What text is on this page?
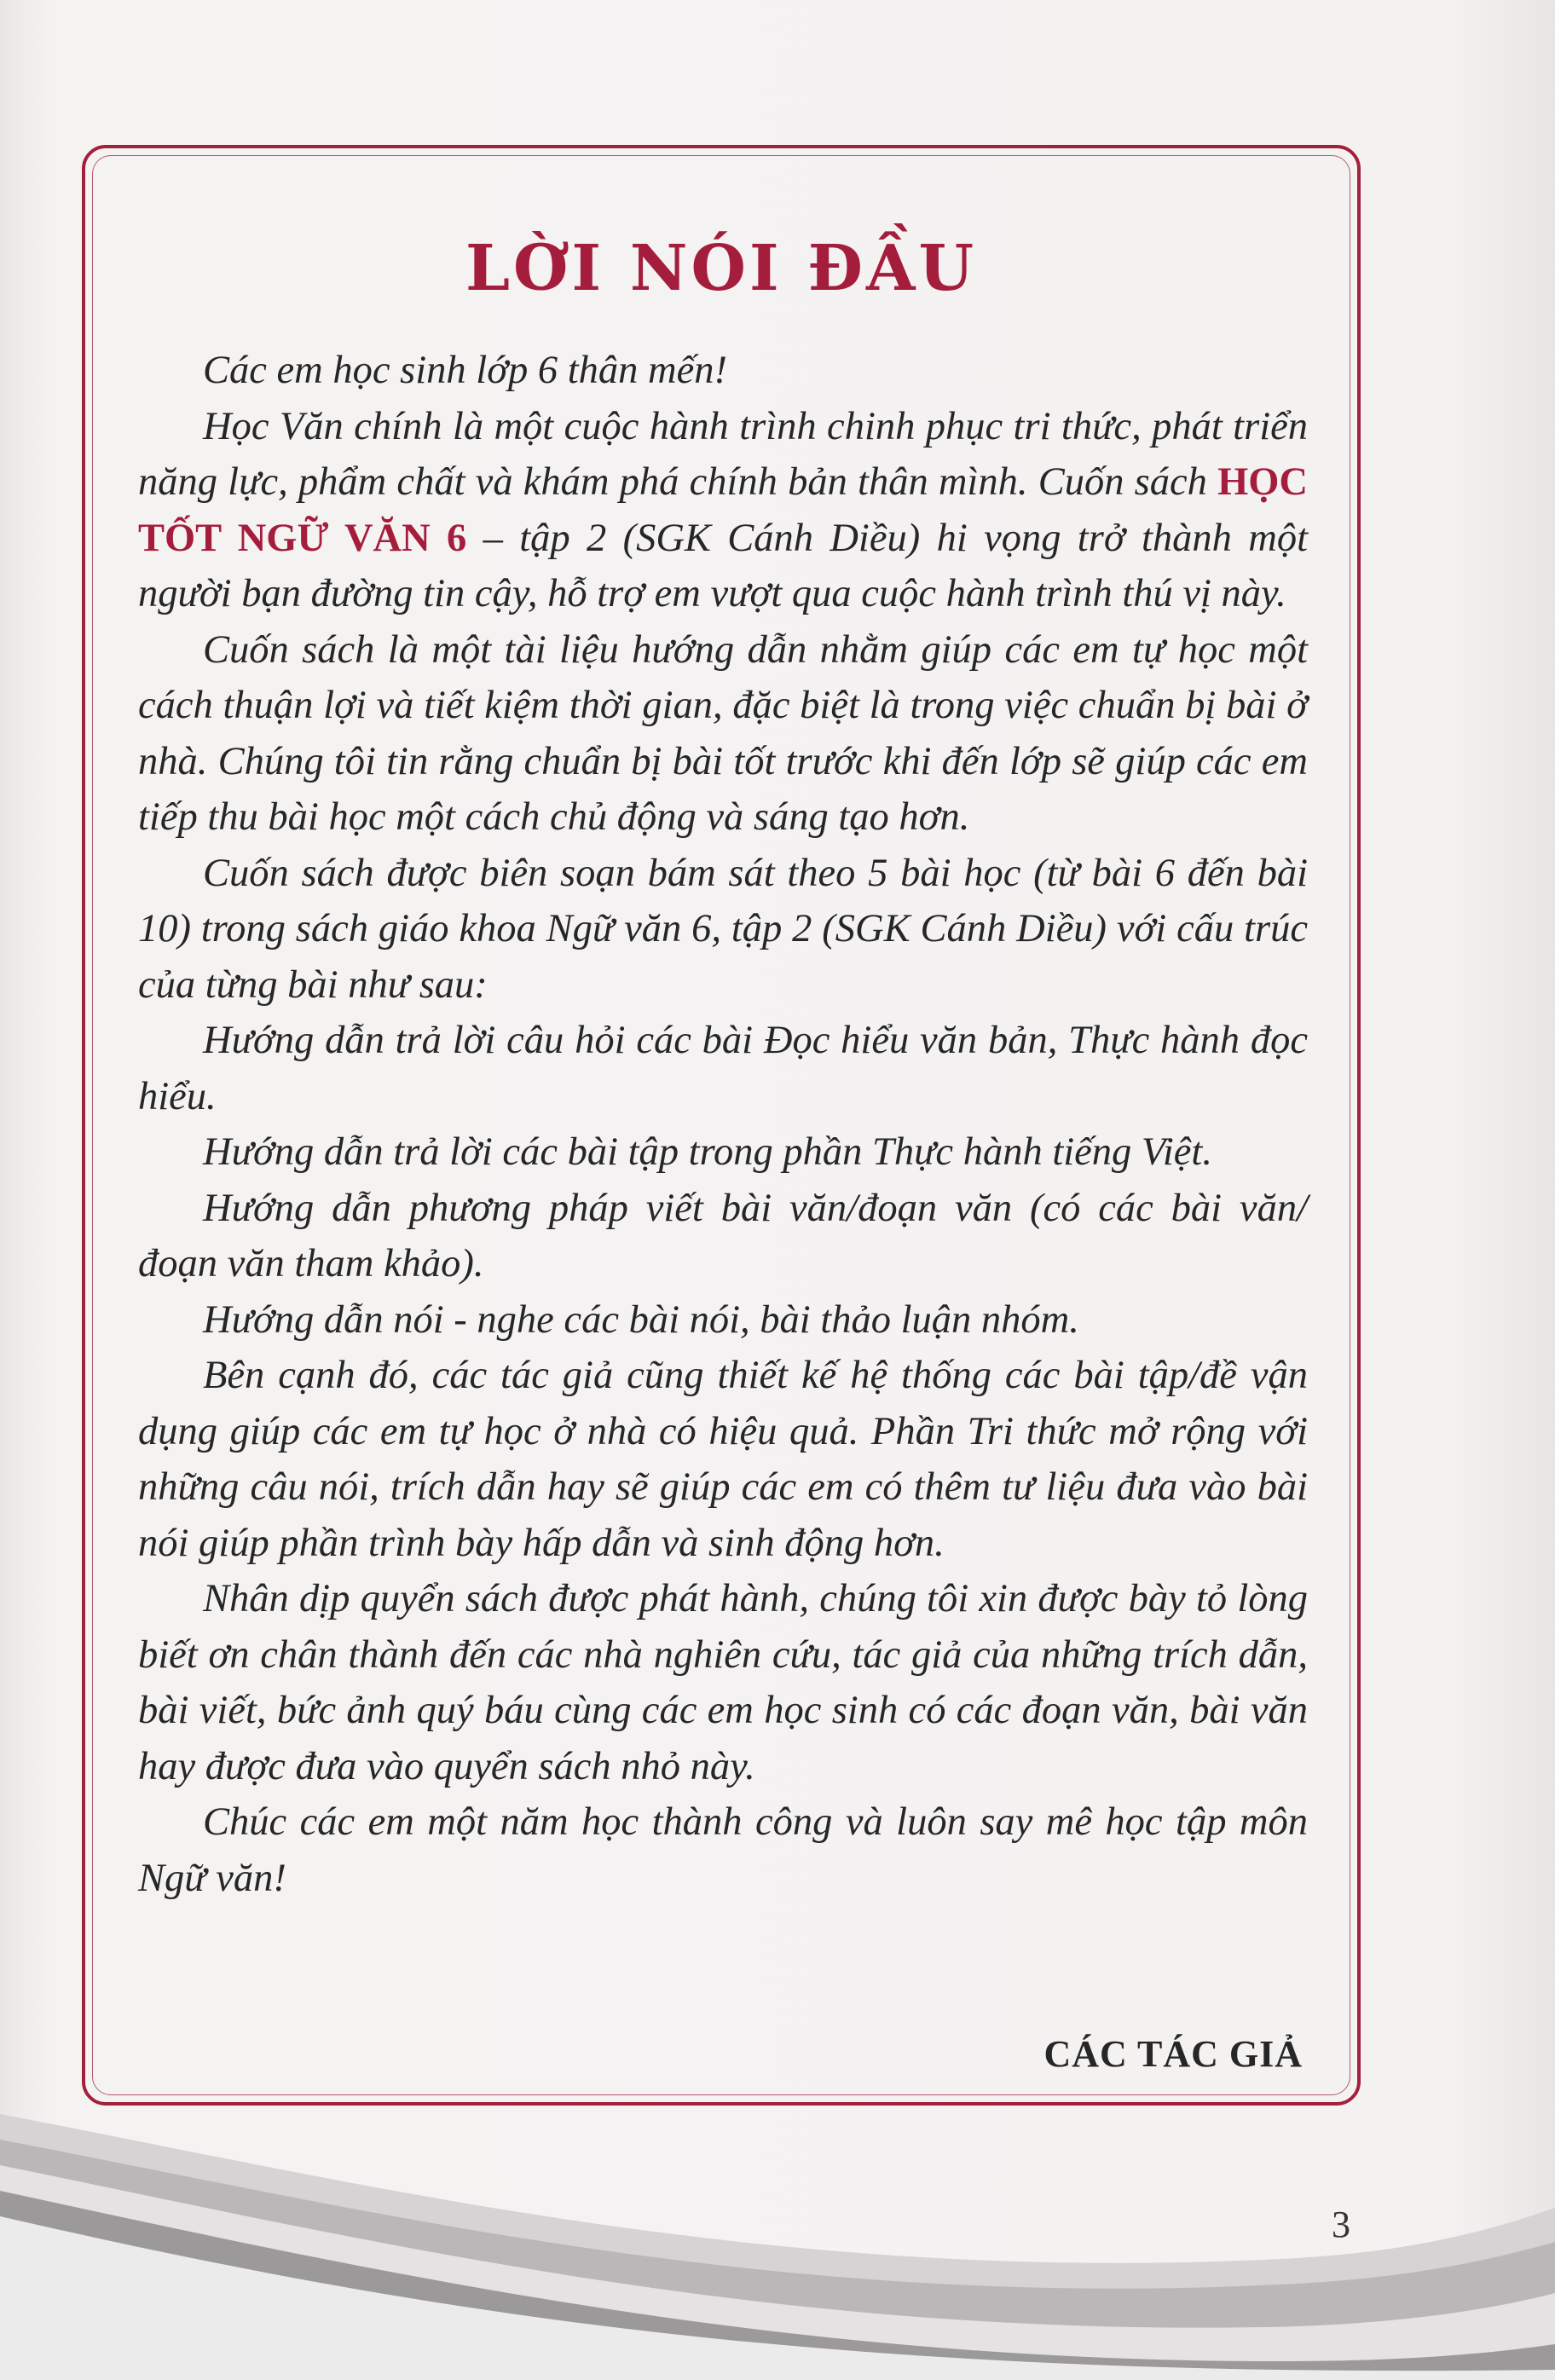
LỜI NÓI ĐẦU

Các em học sinh lớp 6 thân mến!

Học Văn chính là một cuộc hành trình chinh phục tri thức, phát triển năng lực, phẩm chất và khám phá chính bản thân mình. Cuốn sách HỌC TỐT NGỮ VĂN 6 – tập 2 (SGK Cánh Diều) hi vọng trở thành một người bạn đường tin cậy, hỗ trợ em vượt qua cuộc hành trình thú vị này.

Cuốn sách là một tài liệu hướng dẫn nhằm giúp các em tự học một cách thuận lợi và tiết kiệm thời gian, đặc biệt là trong việc chuẩn bị bài ở nhà. Chúng tôi tin rằng chuẩn bị bài tốt trước khi đến lớp sẽ giúp các em tiếp thu bài học một cách chủ động và sáng tạo hơn.

Cuốn sách được biên soạn bám sát theo 5 bài học (từ bài 6 đến bài 10) trong sách giáo khoa Ngữ văn 6, tập 2 (SGK Cánh Diều) với cấu trúc của từng bài như sau:

Hướng dẫn trả lời câu hỏi các bài Đọc hiểu văn bản, Thực hành đọc hiểu.

Hướng dẫn trả lời các bài tập trong phần Thực hành tiếng Việt.

Hướng dẫn phương pháp viết bài văn/đoạn văn (có các bài văn/ đoạn văn tham khảo).

Hướng dẫn nói - nghe các bài nói, bài thảo luận nhóm.

Bên cạnh đó, các tác giả cũng thiết kế hệ thống các bài tập/đề vận dụng giúp các em tự học ở nhà có hiệu quả. Phần Tri thức mở rộng với những câu nói, trích dẫn hay sẽ giúp các em có thêm tư liệu đưa vào bài nói giúp phần trình bày hấp dẫn và sinh động hơn.

Nhân dịp quyển sách được phát hành, chúng tôi xin được bày tỏ lòng biết ơn chân thành đến các nhà nghiên cứu, tác giả của những trích dẫn, bài viết, bức ảnh quý báu cùng các em học sinh có các đoạn văn, bài văn hay được đưa vào quyển sách nhỏ này.

Chúc các em một năm học thành công và luôn say mê học tập môn Ngữ văn!

CÁC TÁC GIẢ
3
